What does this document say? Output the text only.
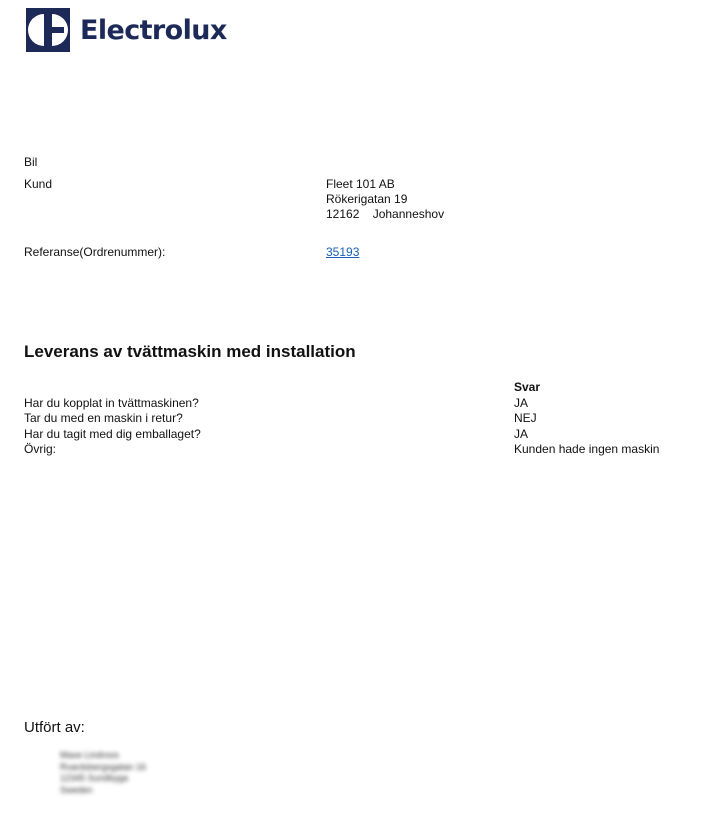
Electrolux
Bil
Kund	Fleet 101 AB
Rökerigatan 19
12162    Johanneshov
Referanse(Ordrenummer):	35193
Leverans av tvättmaskin med installation
Har du kopplat in tvättmaskinen?
Tar du med en maskin i retur?
Har du tagit med dig emballaget?
Övrig:
Svar
JA
NEJ
JA
Kunden hade ingen maskin
Utfört av:
Maxe Lindroos
Rvardsbergsgatan 16
12345 Sundbyga
Sweden
